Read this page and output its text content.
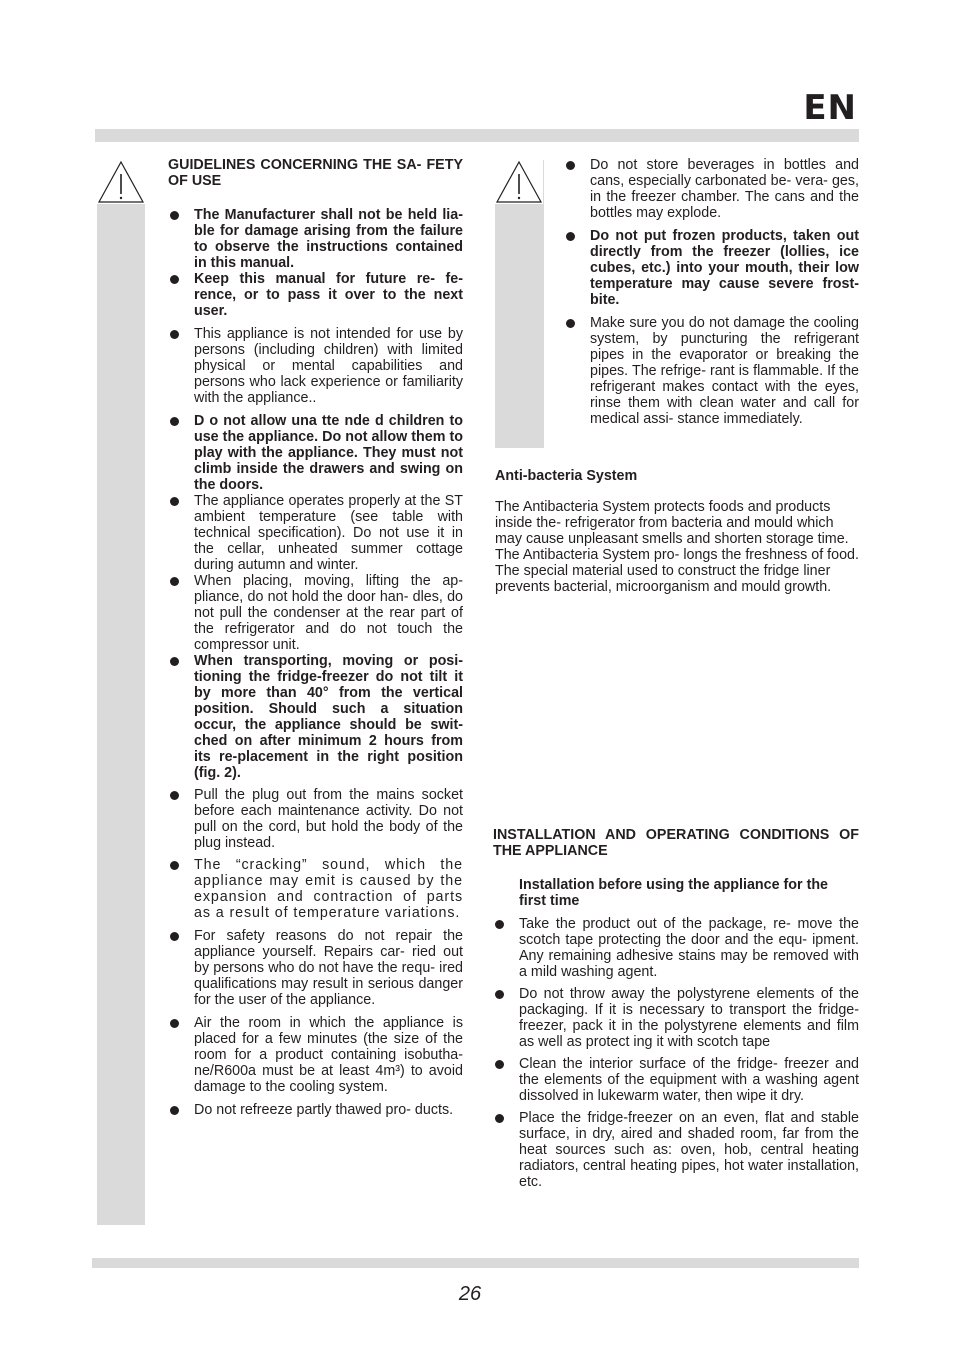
EN
GUIDELINES CONCERNING THE SA- FETY OF USE
The Manufacturer shall not be held lia- ble for damage arising from the failure to observe the instructions contained in this manual.
Keep this manual for future re- fe- rence, or to pass it over to the next user.
This appliance is not intended for use by persons (including children) with limited physical or mental capabilities and persons who lack experience or familiarity with the appliance..
D o not allow una tte nde d children to use the appliance. Do not allow them to play with the appliance. They must not climb inside the drawers and swing on the doors.
The appliance operates properly at the ST ambient temperature (see table with technical specification). Do not use it in the cellar, unheated summer cottage during autumn and winter.
When placing, moving, lifting the ap- pliance, do not hold the door han- dles, do not pull the condenser at the rear part of the refrigerator and do not touch the compressor unit.
When transporting, moving or posi- tioning the fridge-freezer do not tilt it by more than 40° from the vertical position. Should such a situation occur, the appliance should be swit- ched on after minimum 2 hours from its re-placement in the right position (fig. 2).
Pull the plug out from the mains socket before each maintenance activity. Do not pull on the cord, but hold the body of the plug instead.
The “cracking” sound, which the appliance may emit is caused by the expansion and contraction of parts as a result of temperature variations.
For safety reasons do not repair the appliance yourself. Repairs car- ried out by persons who do not have the requ- ired qualifications may result in serious danger for the user of the appliance.
Air the room in which the appliance is placed for a few minutes (the size of the room for a product containing isobutha- ne/R600a must be at least 4m³) to avoid damage to the cooling system.
Do not refreeze partly thawed pro- ducts.
Do not store beverages in bottles and cans, especially carbonated be- vera- ges, in the freezer chamber. The cans and the bottles may explode.
Do not put frozen products, taken out directly from the freezer (lollies, ice cubes, etc.) into your mouth, their low temperature may cause severe frost-bite.
Make sure you do not damage the cooling system, by puncturing the refrigerant pipes in the evaporator or breaking the pipes. The refrige- rant is flammable. If the refrigerant makes contact with the eyes, rinse them with clean water and call for medical assi- stance immediately.
Anti-bacteria System
The Antibacteria System protects foods and products inside the- refrigerator from bacteria and mould which may cause unpleasant smells and shorten storage time. The Antibacteria System pro- longs the freshness of food. The special material used to construct the fridge liner prevents bacterial, microorganism and mould growth.
INSTALLATION AND OPERATING CONDITIONS OF THE APPLIANCE
Installation before using the appliance for the first time
Take the product out of the package, re- move the scotch tape protecting the door and the equ- ipment. Any remaining adhesive stains may be removed with a mild washing agent.
Do not throw away the polystyrene elements of the packaging. If it is necessary to transport the fridge-freezer, pack it in the polystyrene elements and film as well as protect ing it with scotch tape
Clean the interior surface of the fridge- freezer and the elements of the equipment with a washing agent dissolved in lukewarm water, then wipe it dry.
Place the fridge-freezer on an even, flat and stable surface, in dry, aired and shaded room, far from the heat sources such as: oven, hob, central heating radiators, central heating pipes, hot water installation, etc.
26
